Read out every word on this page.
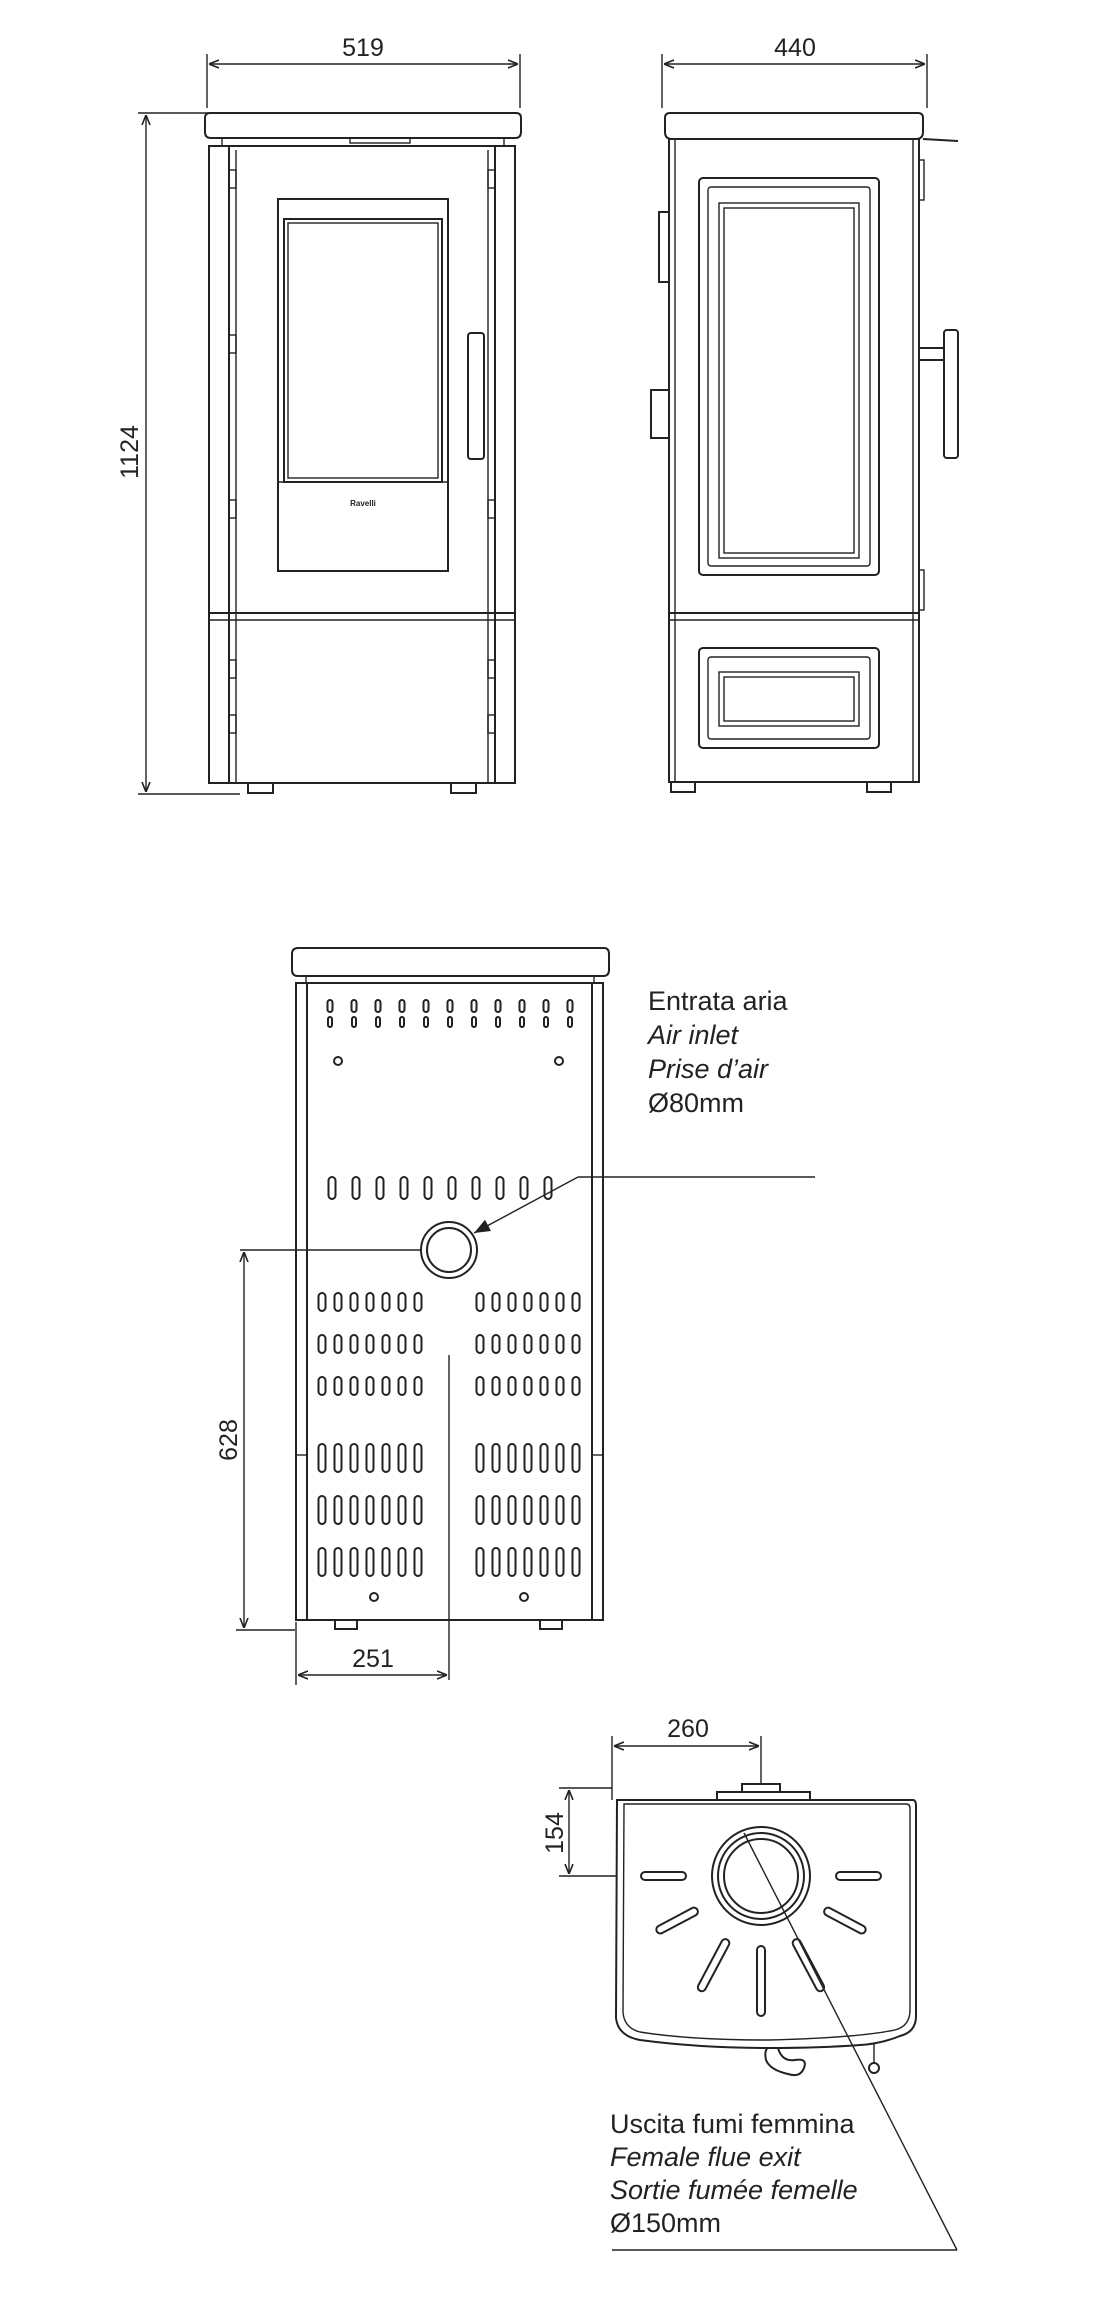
519
1124
Ravelli
440
628
251
Entrata aria
Air inlet
Prise d’air
Ø80mm
260
154
Uscita fumi femmina
Female flue exit
Sortie fumée femelle
Ø150mm
